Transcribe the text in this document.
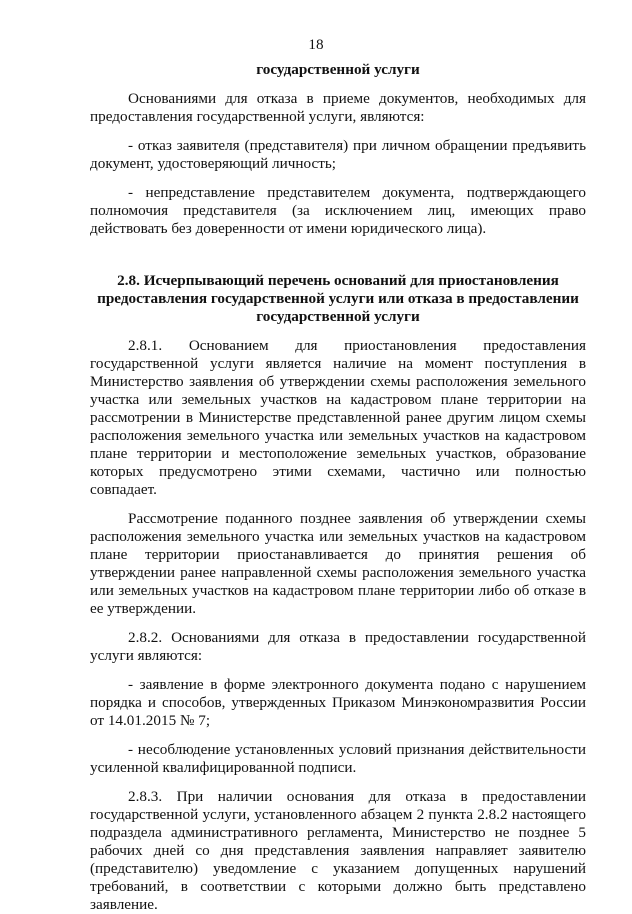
18

государственной услуги

Основаниями для отказа в приеме документов, необходимых для предоставления государственной услуги, являются:

- отказ заявителя (представителя) при личном обращении предъявить документ, удостоверяющий личность;

- непредставление представителем документа, подтверждающего полномочия представителя (за исключением лиц, имеющих право действовать без доверенности от имени юридического лица).

2.8. Исчерпывающий перечень оснований для приостановления
предоставления государственной услуги или отказа в предоставлении
государственной услуги

2.8.1. Основанием для приостановления предоставления государственной услуги является наличие на момент поступления в Министерство заявления об утверждении схемы расположения земельного участка или земельных участков на кадастровом плане территории на рассмотрении в Министерстве представленной ранее другим лицом схемы расположения земельного участка или земельных участков на кадастровом плане территории и местоположение земельных участков, образование которых предусмотрено этими схемами, частично или полностью совпадает.

Рассмотрение поданного позднее заявления об утверждении схемы расположения земельного участка или земельных участков на кадастровом плане территории приостанавливается до принятия решения об утверждении ранее направленной схемы расположения земельного участка или земельных участков на кадастровом плане территории либо об отказе в ее утверждении.

2.8.2. Основаниями для отказа в предоставлении государственной услуги являются:

- заявление в форме электронного документа подано с нарушением порядка и способов, утвержденных Приказом Минэкономразвития России от 14.01.2015 № 7;

- несоблюдение установленных условий признания действительности усиленной квалифицированной подписи.

2.8.3. При наличии основания для отказа в предоставлении государственной услуги, установленного абзацем 2 пункта 2.8.2 настоящего подраздела административного регламента, Министерство не позднее 5 рабочих дней со дня представления заявления направляет заявителю (представителю) уведомление с указанием допущенных нарушений требований, в соответствии с которыми должно быть представлено заявление.
